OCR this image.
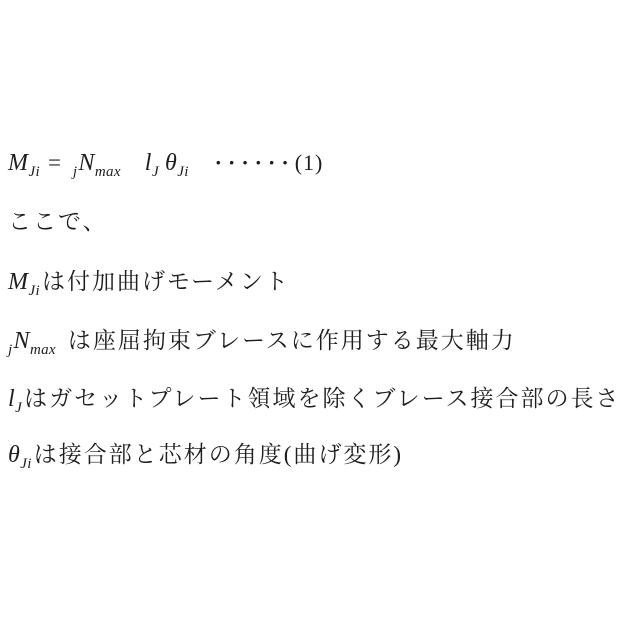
$M_{Ji} = _jN_{max}$ $l_J$ $\theta_{Ji} \cdot\cdot\cdot\cdot\cdot\cdot(1)$
ここで、
$M_{Ji}$は付加曲げモーメント
$_jN_{max}$ は座屈拘束ブレースに作用する最大軸力
$l_J$はガセットプレート領域を除くブレース接合部の長さ
$\theta_{Ji}$は接合部と芯材の角度(曲げ変形)
